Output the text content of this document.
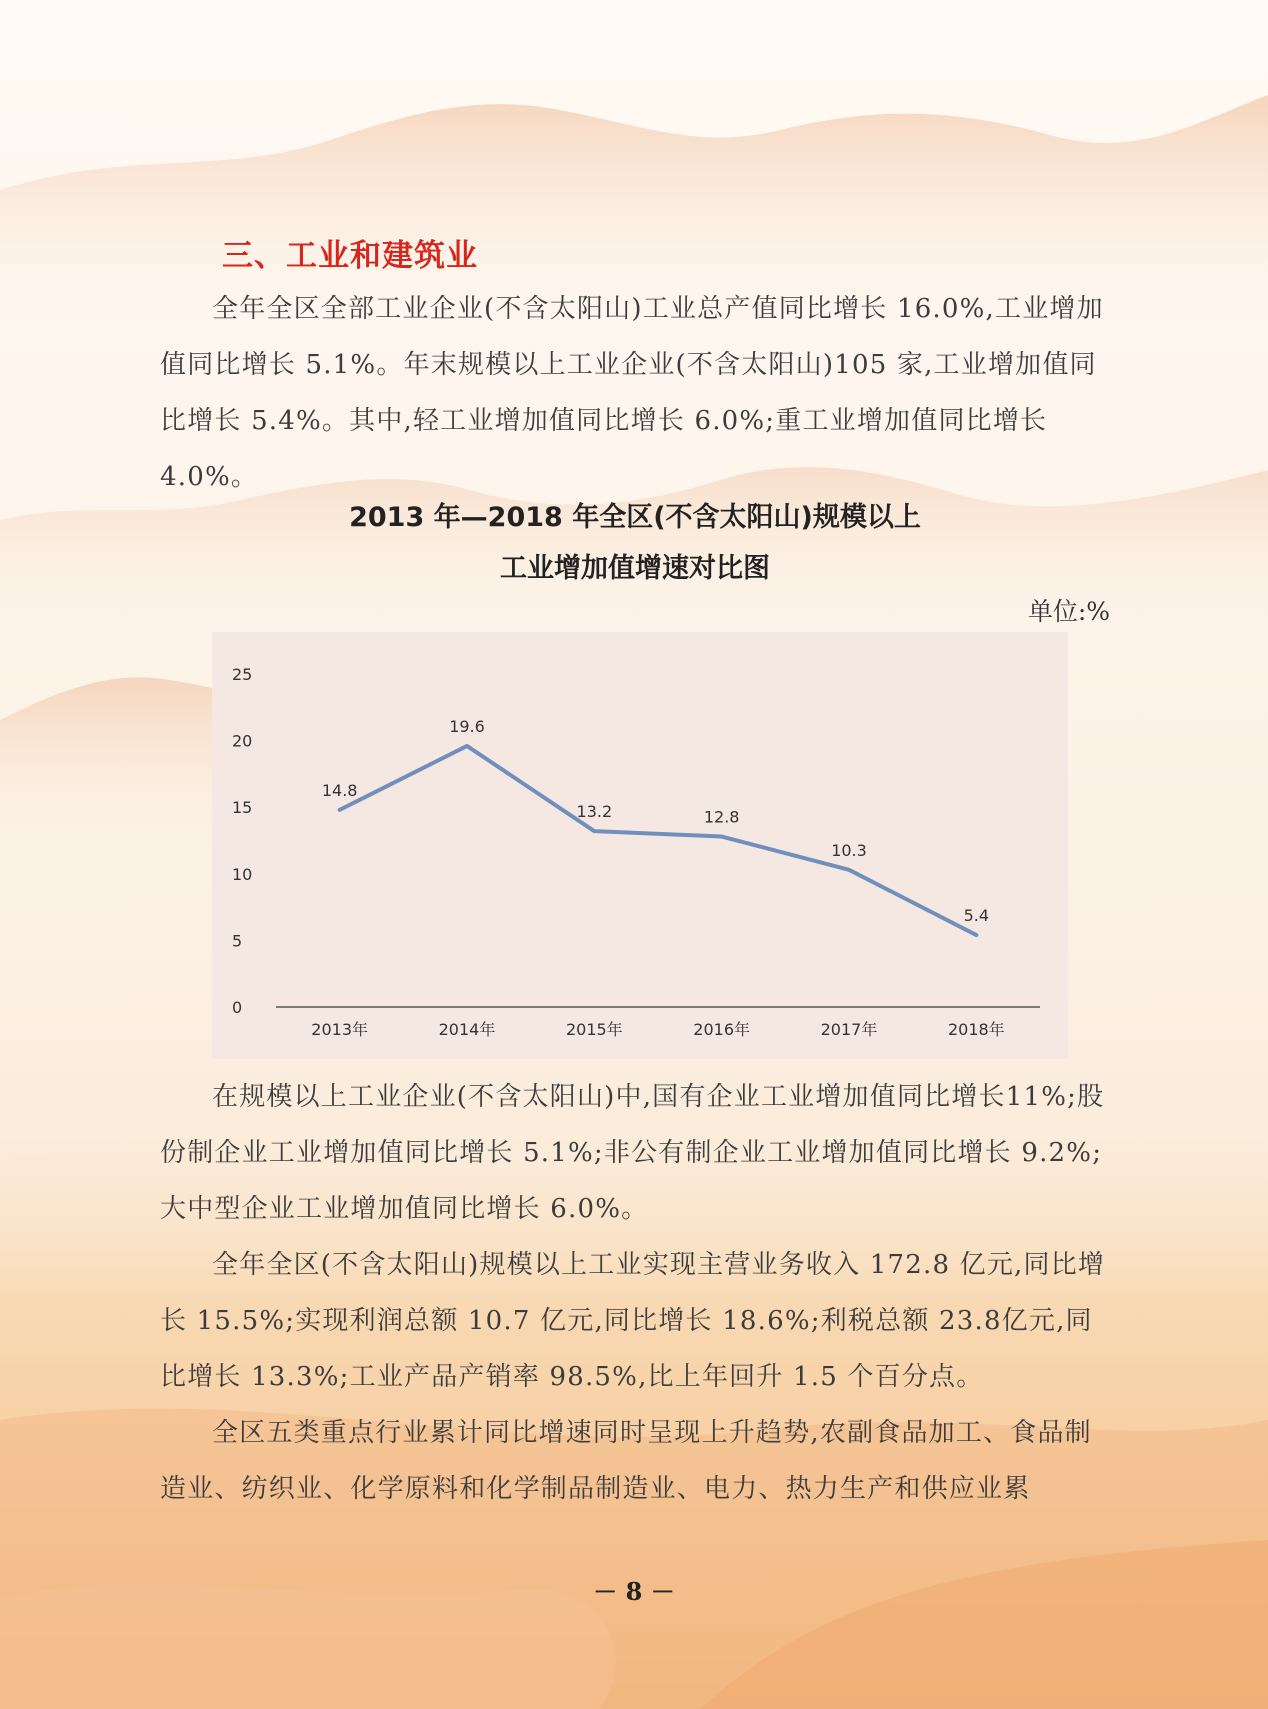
三、工业和建筑业

全年全区全部工业企业(不含太阳山)工业总产值同比增长 16.0%,工业增加值同比增长 5.1%。年末规模以上工业企业(不含太阳山)105 家,工业增加值同比增长 5.4%。其中,轻工业增加值同比增长 6.0%;重工业增加值同比增长 4.0%。

2013 年—2018 年全区(不含太阳山)规模以上
工业增加值增速对比图
单位:%
0
5
10
15
20
25
2013年	2014年	2015年	2016年	2017年	2018年
14.8
19.6
13.2	12.8
10.3
5.4

在规模以上工业企业(不含太阳山)中,国有企业工业增加值同比增长11%;股份制企业工业增加值同比增长 5.1%;非公有制企业工业增加值同比增长 9.2%;大中型企业工业增加值同比增长 6.0%。

全年全区(不含太阳山)规模以上工业实现主营业务收入 172.8 亿元,同比增长 15.5%;实现利润总额 10.7 亿元,同比增长 18.6%;利税总额 23.8亿元,同比增长 13.3%;工业产品产销率 98.5%,比上年回升 1.5 个百分点。

全区五类重点行业累计同比增速同时呈现上升趋势,农副食品加工、食品制造业、纺织业、化学原料和化学制品制造业、电力、热力生产和供应业累

－ 8 －
